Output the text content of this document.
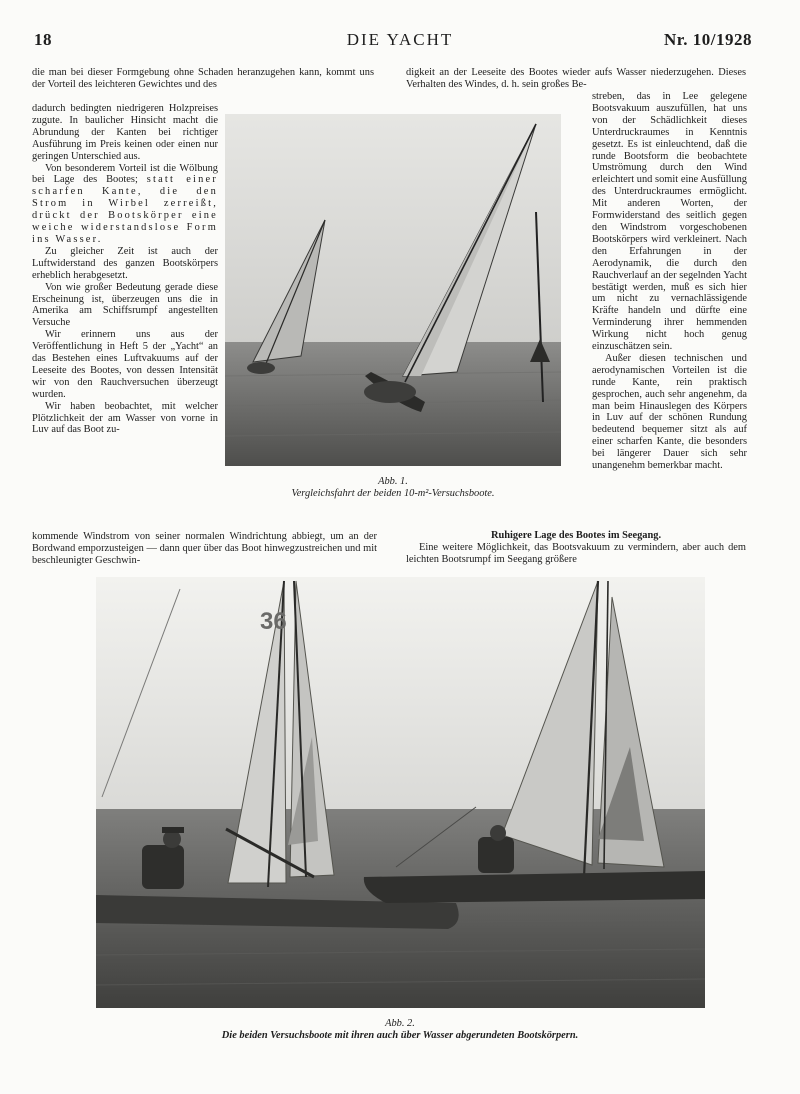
18	DIE YACHT	Nr. 10/1928

die man bei dieser Formgebung ohne Schaden heranzugehen kann, kommt uns der Vorteil des leichteren Gewichtes und des

dadurch bedingten niedrigeren Holzpreises zugute. In baulicher Hinsicht macht die Abrundung der Kanten bei richtiger Ausführung im Preis keinen oder einen nur geringen Unterschied aus.

Von besonderem Vorteil ist die Wölbung bei Lage des Bootes; statt einer scharfen Kante, die den Strom in Wirbel zerreißt, drückt der Bootskörper eine weiche widerstandslose Form ins Wasser.

Zu gleicher Zeit ist auch der Luftwiderstand des ganzen Bootskörpers erheblich herabgesetzt.

Von wie großer Bedeutung gerade diese Erscheinung ist, überzeugen uns die in Amerika am Schiffsrumpf angestellten Versuche

Wir erinnern uns aus der Veröffentlichung in Heft 5 der „Yacht“ an das Bestehen eines Luftvakuums auf der Leeseite des Bootes, von dessen Intensität wir von den Rauchversuchen überzeugt wurden.

Wir haben beobachtet, mit welcher Plötzlichkeit der am Wasser von vorne in Luv auf das Boot zu-

kommende Windstrom von seiner normalen Windrichtung abbiegt, um an der Bordwand emporzusteigen — dann quer über das Boot hinwegzustreichen und mit beschleunigter Geschwin-

digkeit an der Leeseite des Bootes wieder aufs Wasser niederzugehen. Dieses Verhalten des Windes, d. h. sein großes Be-

streben, das in Lee gelegene Bootsvakuum auszufüllen, hat uns von der Schädlichkeit dieses Unterdruckraumes in Kenntnis gesetzt. Es ist einleuchtend, daß die runde Bootsform die beobachtete Umströmung durch den Wind erleichtert und somit eine Ausfüllung des Unterdruckraumes ermöglicht. Mit anderen Worten, der Formwiderstand des seitlich gegen den Windstrom vorgeschobenen Bootskörpers wird verkleinert. Nach den Erfahrungen in der Aerodynamik, die durch den Rauchverlauf an der segelnden Yacht bestätigt werden, muß es sich hier um nicht zu vernachlässigende Kräfte handeln und dürfte eine Verminderung ihrer hemmenden Wirkung nicht hoch genug einzuschätzen sein.

Außer diesen technischen und aerodynamischen Vorteilen ist die runde Kante, rein praktisch gesprochen, auch sehr angenehm, da man beim Hinauslegen des Körpers in Luv auf der schönen Rundung bedeutend bequemer sitzt als auf einer scharfen Kante, die besonders bei längerer Dauer sich sehr unangenehm bemerkbar macht.

Ruhigere Lage des Bootes im Seegang.

Eine weitere Möglichkeit, das Bootsvakuum zu vermindern, aber auch dem leichten Bootsrumpf im Seegang größere

Abb. 1.
Vergleichsfahrt der beiden 10-m²-Versuchsboote.
36
Abb. 2.
Die beiden Versuchsboote mit ihren auch über Wasser abgerundeten Bootskörpern.
